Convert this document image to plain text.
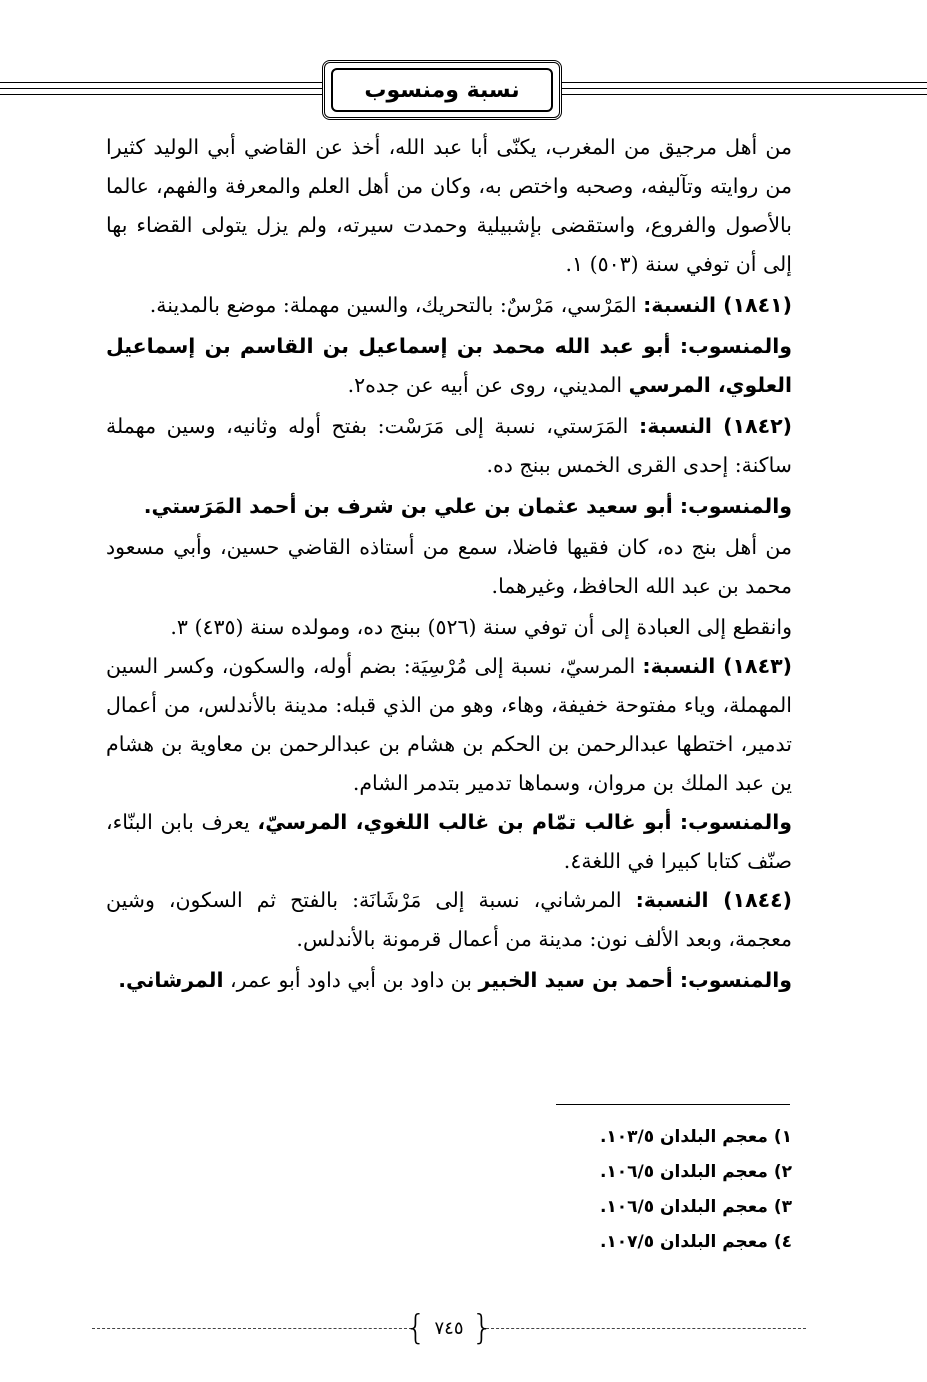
نسبة ومنسوب

من أهل مرجيق من المغرب، يكنّى أبا عبد الله، أخذ عن القاضي أبي الوليد كثيرا من روايته وتآليفه، وصحبه واختص به، وكان من أهل العلم والمعرفة والفهم، عالما بالأصول والفروع، واستقضى بإشبيلية وحمدت سيرته، ولم يزل يتولى القضاء بها إلى أن توفي سنة (٥٠٣) ١.

(١٨٤١) النسبة: المَرْسي، مَرْسٌ: بالتحريك، والسين مهملة: موضع بالمدينة.

والمنسوب: أبو عبد الله محمد بن إسماعيل بن القاسم بن إسماعيل العلوي، المرسي المديني، روى عن أبيه عن جده٢.

(١٨٤٢) النسبة: المَرَستي، نسبة إلى مَرَسْت: بفتح أوله وثانيه، وسين مهملة ساكنة: إحدى القرى الخمس ببنج ده.

والمنسوب: أبو سعيد عثمان بن علي بن شرف بن أحمد المَرَستي.

من أهل بنج ده، كان فقيها فاضلا، سمع من أستاذه القاضي حسين، وأبي مسعود محمد بن عبد الله الحافظ، وغيرهما.

وانقطع إلى العبادة إلى أن توفي سنة (٥٢٦) ببنج ده، ومولده سنة (٤٣٥) ٣.

(١٨٤٣) النسبة: المرسيّ، نسبة إلى مُرْسِيَة: بضم أوله، والسكون، وكسر السين المهملة، وياء مفتوحة خفيفة، وهاء، وهو من الذي قبله: مدينة بالأندلس، من أعمال تدمير، اختطها عبدالرحمن بن الحكم بن هشام بن عبدالرحمن بن معاوية بن هشام ين عبد الملك بن مروان، وسماها تدمير بتدمر الشام.

والمنسوب: أبو غالب تمّام بن غالب اللغوي، المرسيّ، يعرف بابن البنّاء، صنّف كتابا كبيرا في اللغة٤.

(١٨٤٤) النسبة: المرشاني، نسبة إلى مَرْشَانَة: بالفتح ثم السكون، وشين معجمة، وبعد الألف نون: مدينة من أعمال قرمونة بالأندلس.

والمنسوب: أحمد بن سيد الخبير بن داود بن أبي داود أبو عمر، المرشاني.

١) معجم البلدان ١٠٣/٥.
٢) معجم البلدان ١٠٦/٥.
٣) معجم البلدان ١٠٦/٥.
٤) معجم البلدان ١٠٧/٥.
{ ٧٤٥ }
